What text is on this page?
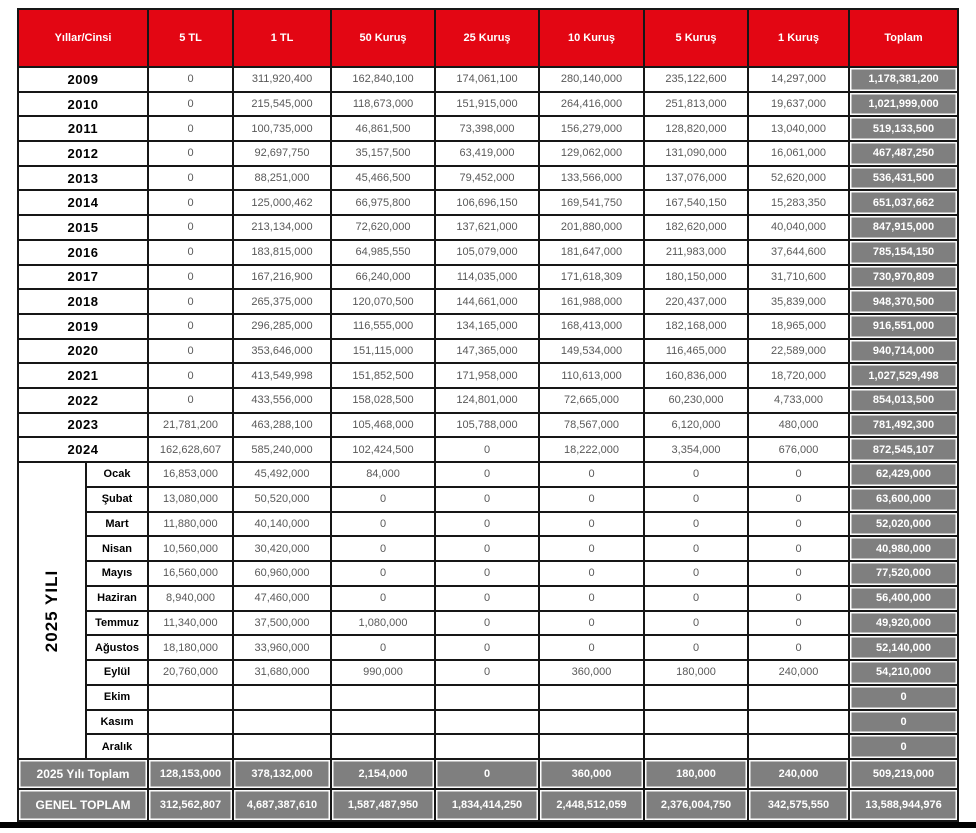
Yıllar/Cinsi		5 TL	1 TL	50 Kuruş	25 Kuruş	10 Kuruş	5 Kuruş	1 Kuruş	Toplam
2009		0	311,920,400	162,840,100	174,061,100	280,140,000	235,122,600	14,297,000	1,178,381,200
2010		0	215,545,000	118,673,000	151,915,000	264,416,000	251,813,000	19,637,000	1,021,999,000
2011		0	100,735,000	46,861,500	73,398,000	156,279,000	128,820,000	13,040,000	519,133,500
2012		0	92,697,750	35,157,500	63,419,000	129,062,000	131,090,000	16,061,000	467,487,250
2013		0	88,251,000	45,466,500	79,452,000	133,566,000	137,076,000	52,620,000	536,431,500
2014		0	125,000,462	66,975,800	106,696,150	169,541,750	167,540,150	15,283,350	651,037,662
2015		0	213,134,000	72,620,000	137,621,000	201,880,000	182,620,000	40,040,000	847,915,000
2016		0	183,815,000	64,985,550	105,079,000	181,647,000	211,983,000	37,644,600	785,154,150
2017		0	167,216,900	66,240,000	114,035,000	171,618,309	180,150,000	31,710,600	730,970,809
2018		0	265,375,000	120,070,500	144,661,000	161,988,000	220,437,000	35,839,000	948,370,500
2019		0	296,285,000	116,555,000	134,165,000	168,413,000	182,168,000	18,965,000	916,551,000
2020		0	353,646,000	151,115,000	147,365,000	149,534,000	116,465,000	22,589,000	940,714,000
2021		0	413,549,998	151,852,500	171,958,000	110,613,000	160,836,000	18,720,000	1,027,529,498
2022		0	433,556,000	158,028,500	124,801,000	72,665,000	60,230,000	4,733,000	854,013,500
2023		21,781,200	463,288,100	105,468,000	105,788,000	78,567,000	6,120,000	480,000	781,492,300
2024		162,628,607	585,240,000	102,424,500	0	18,222,000	3,354,000	676,000	872,545,107

2025 YILI	Ocak	16,853,000	45,492,000	84,000	0	0	0	0	62,429,000
	Şubat	13,080,000	50,520,000	0	0	0	0	0	63,600,000
	Mart	11,880,000	40,140,000	0	0	0	0	0	52,020,000
	Nisan	10,560,000	30,420,000	0	0	0	0	0	40,980,000
	Mayıs	16,560,000	60,960,000	0	0	0	0	0	77,520,000
	Haziran	8,940,000	47,460,000	0	0	0	0	0	56,400,000
	Temmuz	11,340,000	37,500,000	1,080,000	0	0	0	0	49,920,000
	Ağustos	18,180,000	33,960,000	0	0	0	0	0	52,140,000
	Eylül	20,760,000	31,680,000	990,000	0	360,000	180,000	240,000	54,210,000
	Ekim								0
	Kasım								0
	Aralık								0
2025 Yılı Toplam		128,153,000	378,132,000	2,154,000	0	360,000	180,000	240,000	509,219,000
GENEL TOPLAM		312,562,807	4,687,387,610	1,587,487,950	1,834,414,250	2,448,512,059	2,376,004,750	342,575,550	13,588,944,976
